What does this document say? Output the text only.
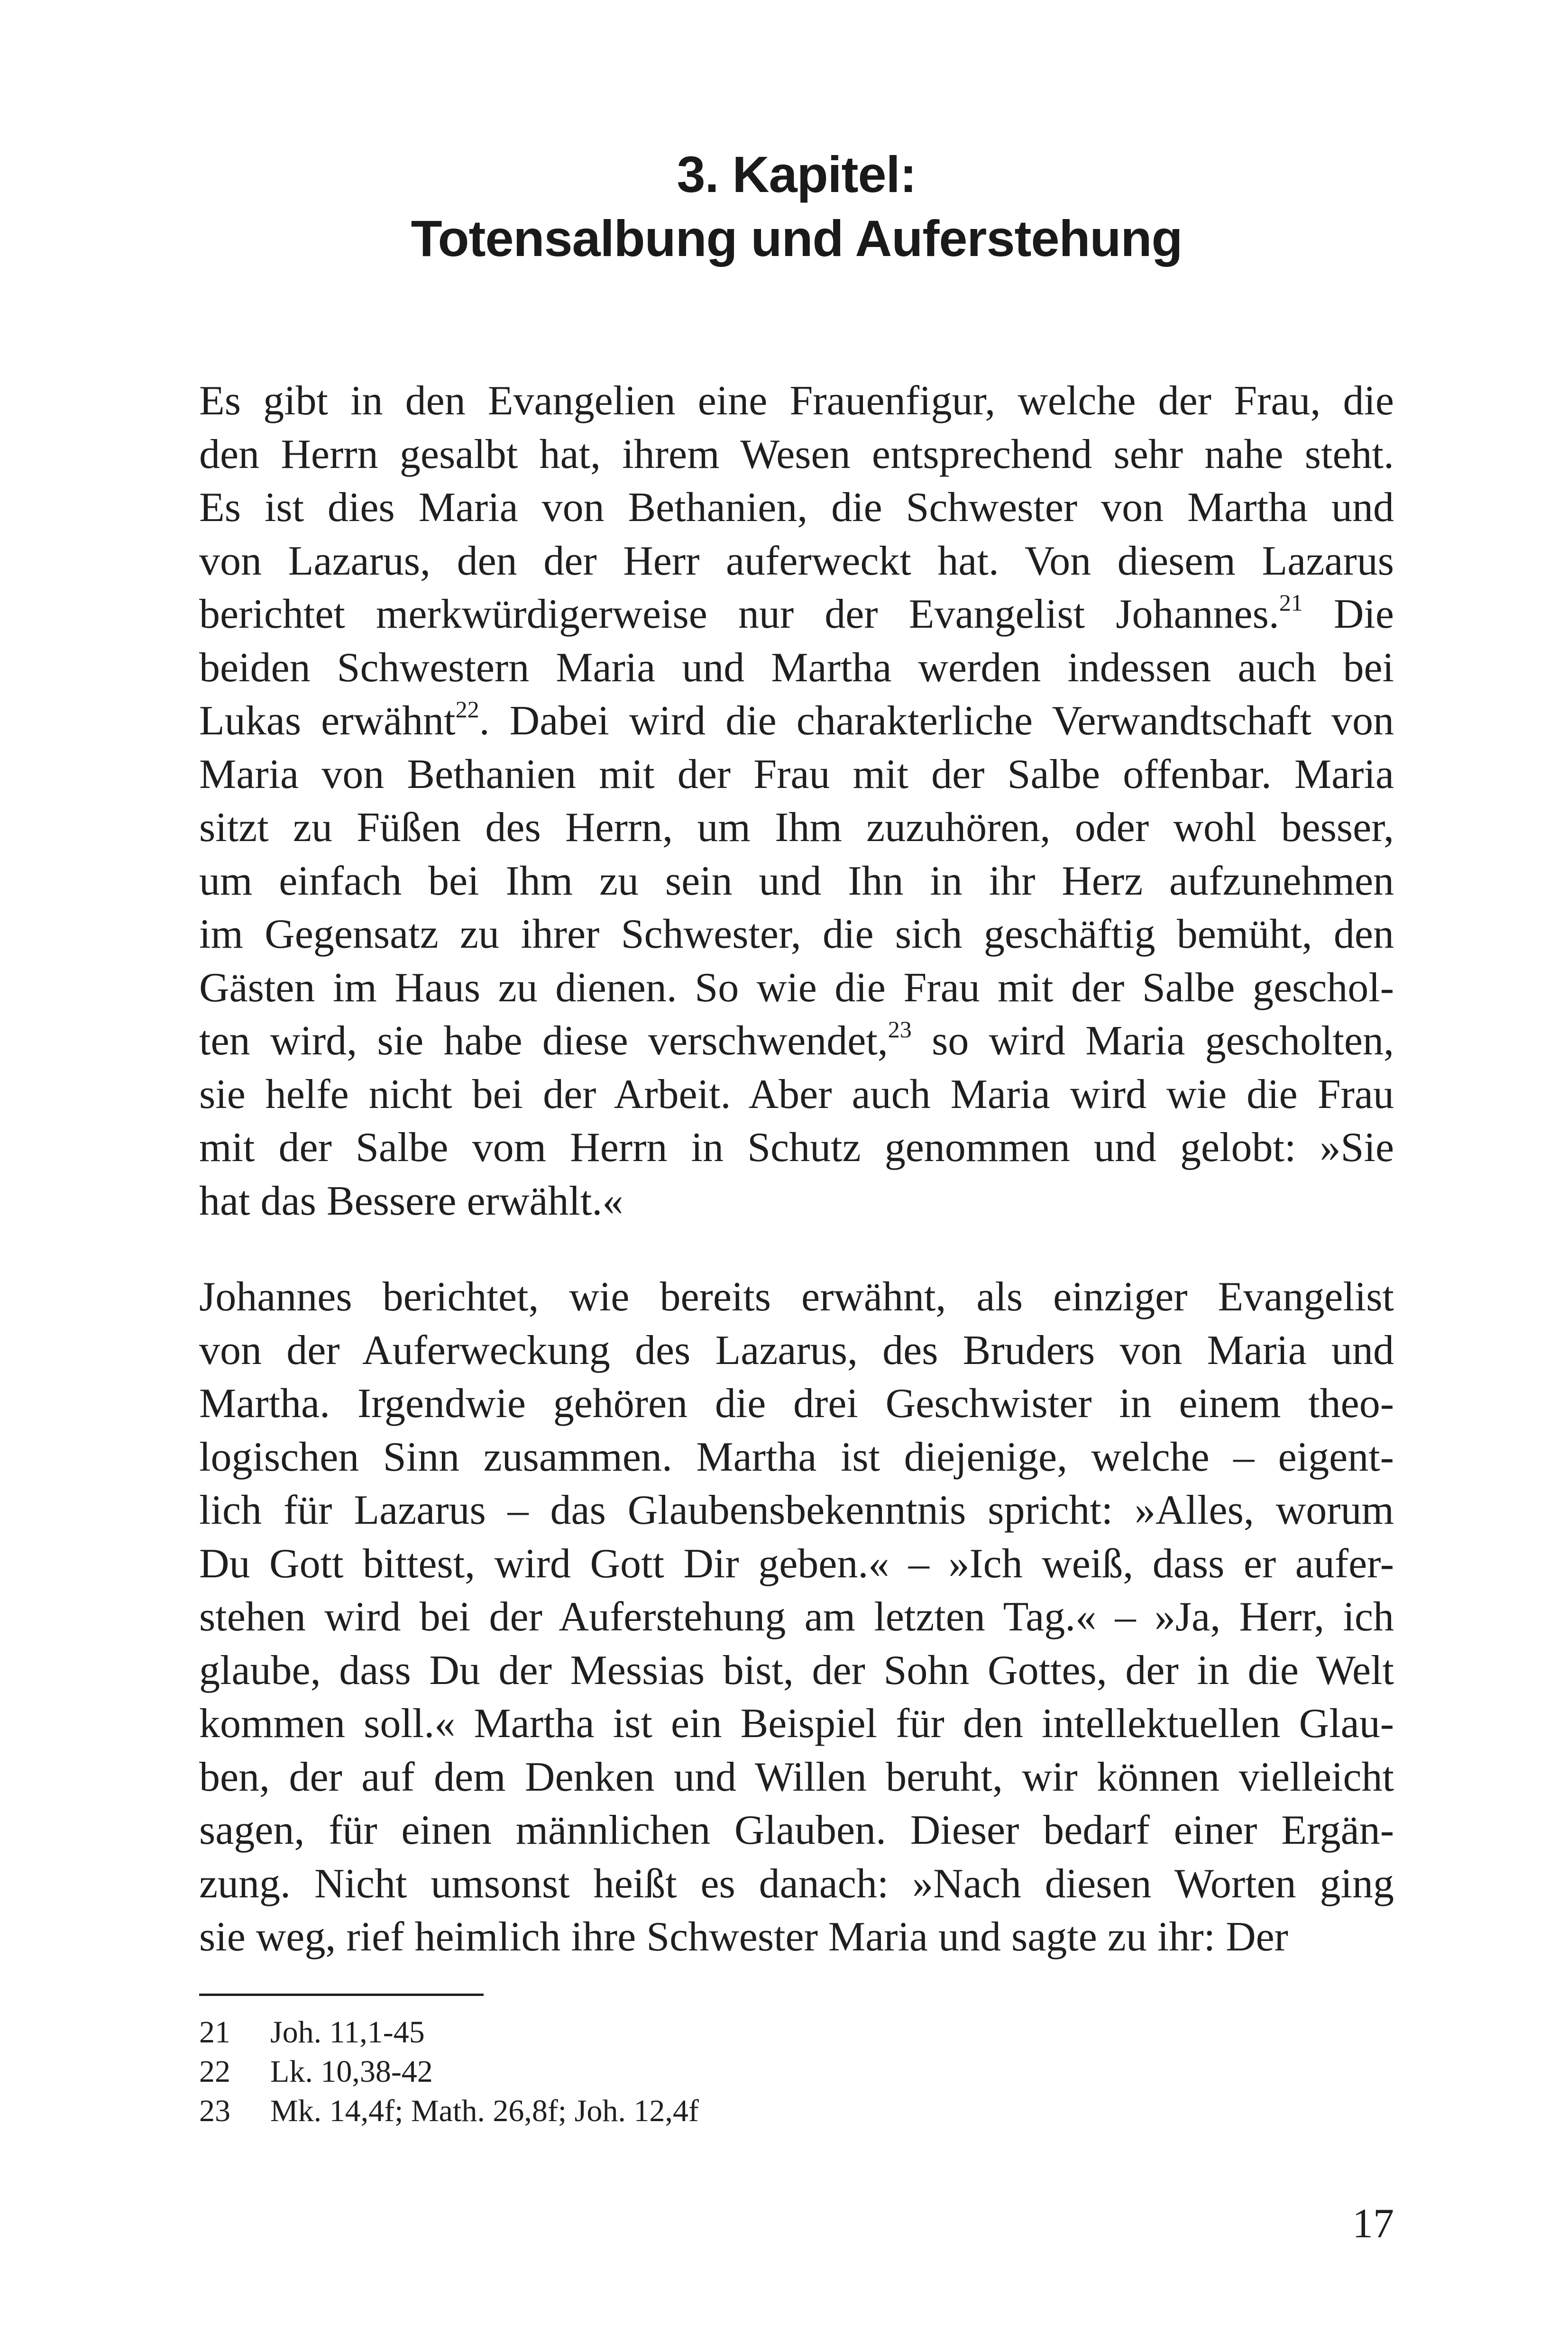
3. Kapitel:
Totensalbung und Auferstehung
Es gibt in den Evangelien eine Frauenfigur, welche der Frau, die
den Herrn gesalbt hat, ihrem Wesen entsprechend sehr nahe steht.
Es ist dies Maria von Bethanien, die Schwester von Martha und
von Lazarus, den der Herr auferweckt hat. Von diesem Lazarus
berichtet merkwürdigerweise nur der Evangelist Johannes.$^{21}$ Die
beiden Schwestern Maria und Martha werden indessen auch bei
Lukas erwähnt$^{22}$. Dabei wird die charakterliche Verwandtschaft von
Maria von Bethanien mit der Frau mit der Salbe offenbar. Maria
sitzt zu Füßen des Herrn, um Ihm zuzuhören, oder wohl besser,
um einfach bei Ihm zu sein und Ihn in ihr Herz aufzunehmen
im Gegensatz zu ihrer Schwester, die sich geschäftig bemüht, den
Gästen im Haus zu dienen. So wie die Frau mit der Salbe geschol-
ten wird, sie habe diese verschwendet,$^{23}$ so wird Maria gescholten,
sie helfe nicht bei der Arbeit. Aber auch Maria wird wie die Frau
mit der Salbe vom Herrn in Schutz genommen und gelobt: »Sie
hat das Bessere erwählt.«
Johannes berichtet, wie bereits erwähnt, als einziger Evangelist
von der Auferweckung des Lazarus, des Bruders von Maria und
Martha. Irgendwie gehören die drei Geschwister in einem theo-
logischen Sinn zusammen. Martha ist diejenige, welche – eigent-
lich für Lazarus – das Glaubensbekenntnis spricht: »Alles, worum
Du Gott bittest, wird Gott Dir geben.« – »Ich weiß, dass er aufer-
stehen wird bei der Auferstehung am letzten Tag.« – »Ja, Herr, ich
glaube, dass Du der Messias bist, der Sohn Gottes, der in die Welt
kommen soll.« Martha ist ein Beispiel für den intellektuellen Glau-
ben, der auf dem Denken und Willen beruht, wir können vielleicht
sagen, für einen männlichen Glauben. Dieser bedarf einer Ergän-
zung. Nicht umsonst heißt es danach: »Nach diesen Worten ging
sie weg, rief heimlich ihre Schwester Maria und sagte zu ihr: Der
21 Joh. 11,1-45
22 Lk. 10,38-42
23 Mk. 14,4f; Math. 26,8f; Joh. 12,4f
17
